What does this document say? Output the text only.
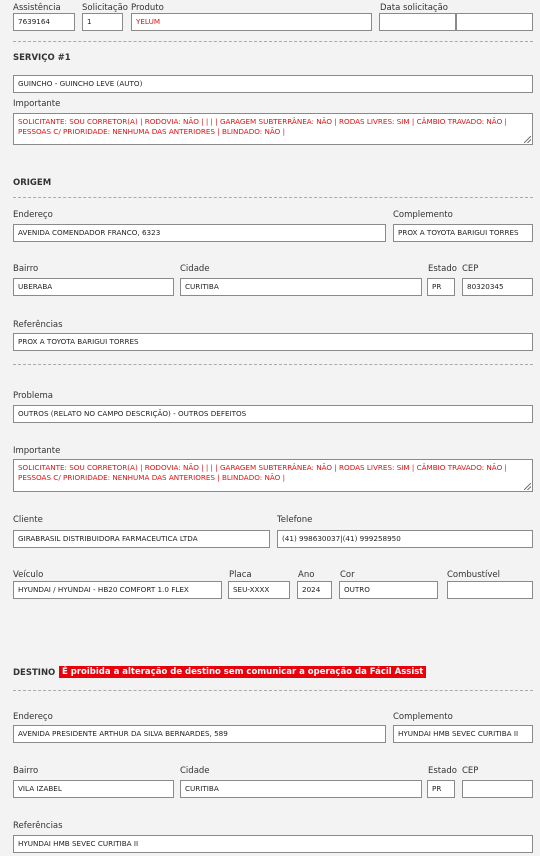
Assistência
7639164
Solicitação
1
Produto
YELUM
Data solicitação
SERVIÇO #1
GUINCHO - GUINCHO LEVE (AUTO)
Importante
SOLICITANTE: SOU CORRETOR(A) | RODOVIA: NÃO | | | | GARAGEM SUBTERRÂNEA: NÃO | RODAS LIVRES: SIM | CÂMBIO TRAVADO: NÃO | PESSOAS C/ PRIORIDADE: NENHUMA DAS ANTERIORES | BLINDADO: NÃO |
ORIGEM
Endereço
AVENIDA COMENDADOR FRANCO, 6323
Complemento
PROX A TOYOTA BARIGUI TORRES
Bairro
UBERABA
Cidade
CURITIBA
Estado
PR
CEP
80320345
Referências
PROX A TOYOTA BARIGUI TORRES
Problema
OUTROS (RELATO NO CAMPO DESCRIÇÃO) - OUTROS DEFEITOS
Importante
SOLICITANTE: SOU CORRETOR(A) | RODOVIA: NÃO | | | | GARAGEM SUBTERRÂNEA: NÃO | RODAS LIVRES: SIM | CÂMBIO TRAVADO: NÃO | PESSOAS C/ PRIORIDADE: NENHUMA DAS ANTERIORES | BLINDADO: NÃO |
Cliente
GIRABRASIL DISTRIBUIDORA FARMACEUTICA LTDA
Telefone
(41) 998630037|(41) 999258950
Veículo
HYUNDAI / HYUNDAI - HB20 COMFORT 1.0 FLEX
Placa
SEU-XXXX
Ano
2024
Cor
OUTRO
Combustível
DESTINO É proibida a alteração de destino sem comunicar a operação da Fácil Assist
Endereço
AVENIDA PRESIDENTE ARTHUR DA SILVA BERNARDES, 589
Complemento
HYUNDAI HMB SEVEC CURITIBA II
Bairro
VILA IZABEL
Cidade
CURITIBA
Estado
PR
CEP
Referências
HYUNDAI HMB SEVEC CURITIBA II
